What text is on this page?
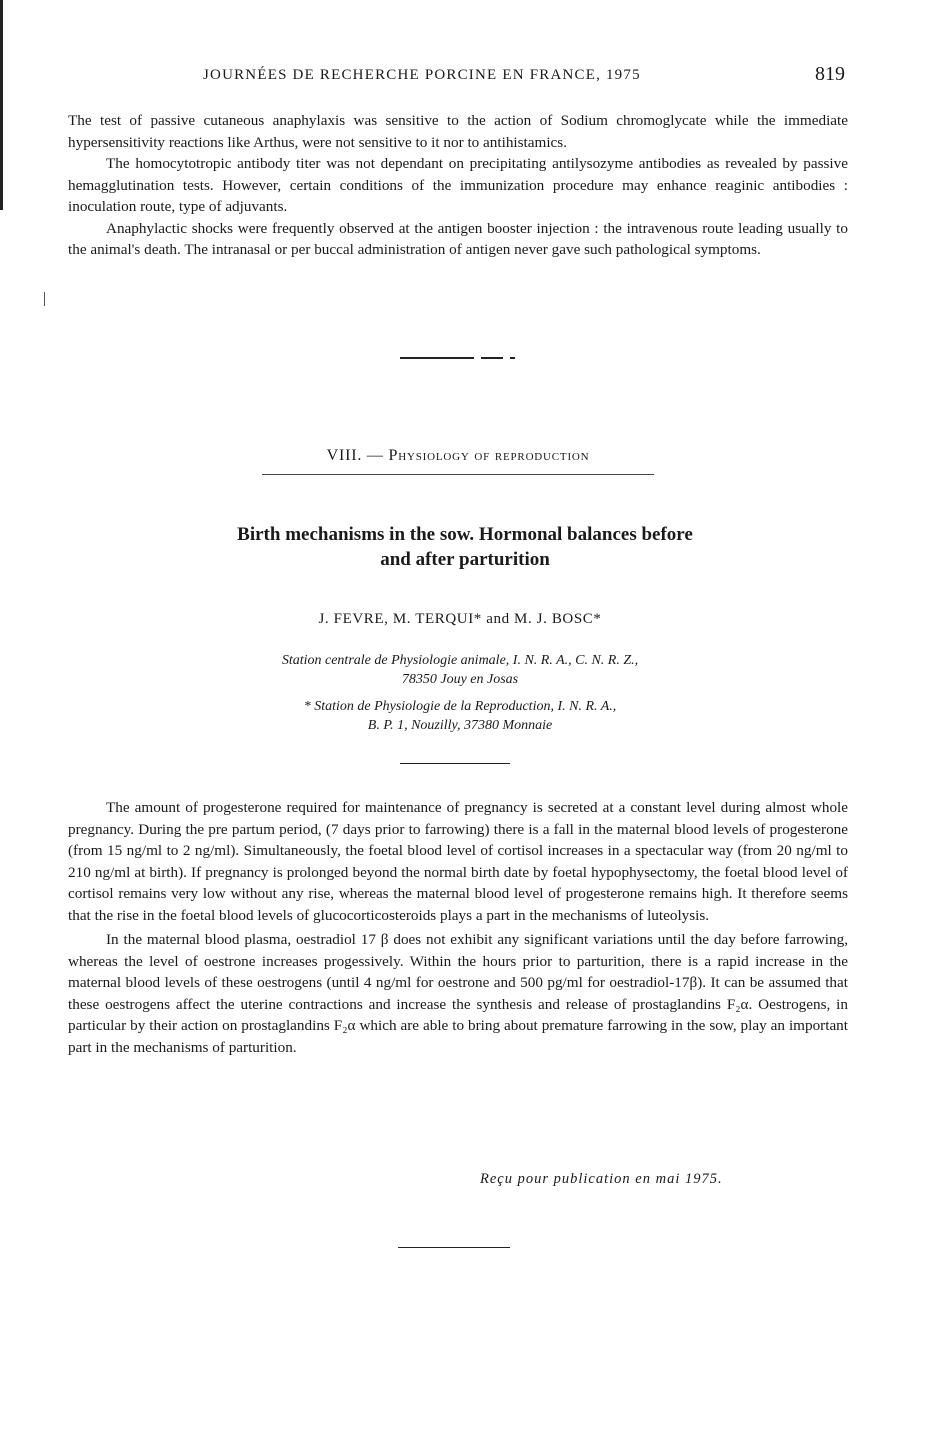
JOURNÉES DE RECHERCHE PORCINE EN FRANCE, 1975	819

The test of passive cutaneous anaphylaxis was sensitive to the action of Sodium chromoglycate while the immediate hypersensitivity reactions like Arthus, were not sensitive to it nor to antihistamics.

The homocytotropic antibody titer was not dependant on precipitating antilysozyme antibodies as revealed by passive hemagglutination tests. However, certain conditions of the immunization procedure may enhance reaginic antibodies : inoculation route, type of adjuvants.

Anaphylactic shocks were frequently observed at the antigen booster injection : the intravenous route leading usually to the animal's death. The intranasal or per buccal administration of antigen never gave such pathological symptoms.

VIII. — Physiology of reproduction
Birth mechanisms in the sow. Hormonal balances before
and after parturition
J. FEVRE, M. TERQUI* and M. J. BOSC*
Station centrale de Physiologie animale, I. N. R. A., C. N. R. Z.,
78350 Jouy en Josas
* Station de Physiologie de la Reproduction, I. N. R. A.,
B. P. 1, Nouzilly, 37380 Monnaie

The amount of progesterone required for maintenance of pregnancy is secreted at a constant level during almost whole pregnancy. During the pre partum period, (7 days prior to farrowing) there is a fall in the maternal blood levels of progesterone (from 15 ng/ml to 2 ng/ml). Simultaneously, the foetal blood level of cortisol increases in a spectacular way (from 20 ng/ml to 210 ng/ml at birth). If pregnancy is prolonged beyond the normal birth date by foetal hypophysectomy, the foetal blood level of cortisol remains very low without any rise, whereas the maternal blood level of progesterone remains high. It therefore seems that the rise in the foetal blood levels of glucocorticosteroids plays a part in the mechanisms of luteolysis.

In the maternal blood plasma, oestradiol 17 β does not exhibit any significant variations until the day before farrowing, whereas the level of oestrone increases progessively. Within the hours prior to parturition, there is a rapid increase in the maternal blood levels of these oestrogens (until 4 ng/ml for oestrone and 500 pg/ml for oestradiol-17β). It can be assumed that these oestrogens affect the uterine contractions and increase the synthesis and release of prostaglandins F₂α. Oestrogens, in particular by their action on prostaglandins F₂α which are able to bring about premature farrowing in the sow, play an important part in the mechanisms of parturition.

Reçu pour publication en mai 1975.
